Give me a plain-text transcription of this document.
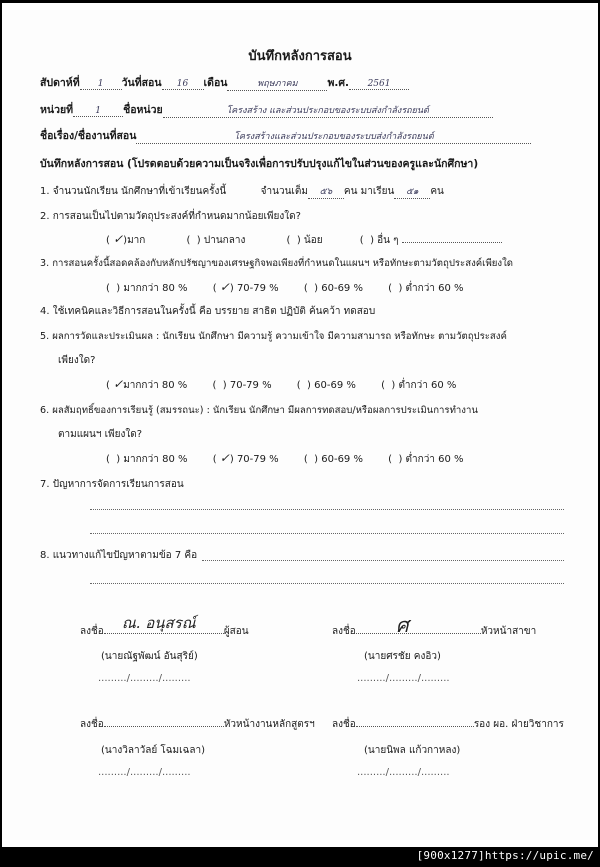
บันทึกหลังการสอน
สัปดาห์ที่ 1 วันที่สอน 16 เดือน	พฤษภาคม	พ.ศ. 2561
หน่วยที่ 1 ชื่อหน่วย	โครงสร้าง และส่วนประกอบของระบบส่งกำลังรถยนต์
ชื่อเรื่อง/ชื่องานที่สอน	โครงสร้างและส่วนประกอบของระบบส่งกำลังรถยนต์
บันทึกหลังการสอน (โปรดตอบด้วยความเป็นจริงเพื่อการปรับปรุงแก้ไขในส่วนของครูและนักศึกษา)
1. จำนวนนักเรียน นักศึกษาที่เข้าเรียนครั้งนี้	จำนวนเต็ม ๕๖ คน มาเรียน ๕๑ คน
2. การสอนเป็นไปตามวัตถุประสงค์ที่กำหนดมากน้อยเพียงใด?
( ✓)มาก	(  ) ปานกลาง	(  ) น้อย	(  ) อื่น ๆ
3. การสอนครั้งนี้สอดคล้องกับหลักปรัชญาของเศรษฐกิจพอเพียงที่กำหนดในแผนฯ หรือทักษะตามวัตถุประสงค์เพียงใด
(  ) มากกว่า 80 %	( ✓) 70-79 %	(  ) 60-69 %	(  ) ต่ำกว่า 60 %
4. ใช้เทคนิคและวิธีการสอนในครั้งนี้ คือ บรรยาย สาธิต ปฏิบัติ ค้นคว้า ทดสอบ
5. ผลการวัดและประเมินผล : นักเรียน นักศึกษา มีความรู้ ความเข้าใจ มีความสามารถ หรือทักษะ ตามวัตถุประสงค์
เพียงใด?
( ✓มากกว่า 80 %	(  ) 70-79 %	(  ) 60-69 %	(  ) ต่ำกว่า 60 %
6. ผลสัมฤทธิ์ของการเรียนรู้ (สมรรถนะ) : นักเรียน นักศึกษา มีผลการทดสอบ/หรือผลการประเมินการทำงาน
ตามแผนฯ เพียงใด?
(  ) มากกว่า 80 %	( ✓) 70-79 %	(  ) 60-69 %	(  ) ต่ำกว่า 60 %
7. ปัญหาการจัดการเรียนการสอน
8. แนวทางแก้ไขปัญหาตามข้อ 7 คือ
ลงชื่อ ณ. อนุสรณ์	ผู้สอน
(นายณัฐพัฒน์ อันสุริย์)
........./........./.........
ลงชื่อ ศ	หัวหน้าสาขา
(นายศรชัย คงอิว)
........./........./.........
ลงชื่อ	หัวหน้างานหลักสูตรฯ
(นางวิลาวัลย์ โฉมเฉลา)
........./........./.........
ลงชื่อ	รอง ผอ. ฝ่ายวิชาการ
(นายนิพล แก้วกาหลง)
........./........./.........
[900x1277]https://upic.me/
